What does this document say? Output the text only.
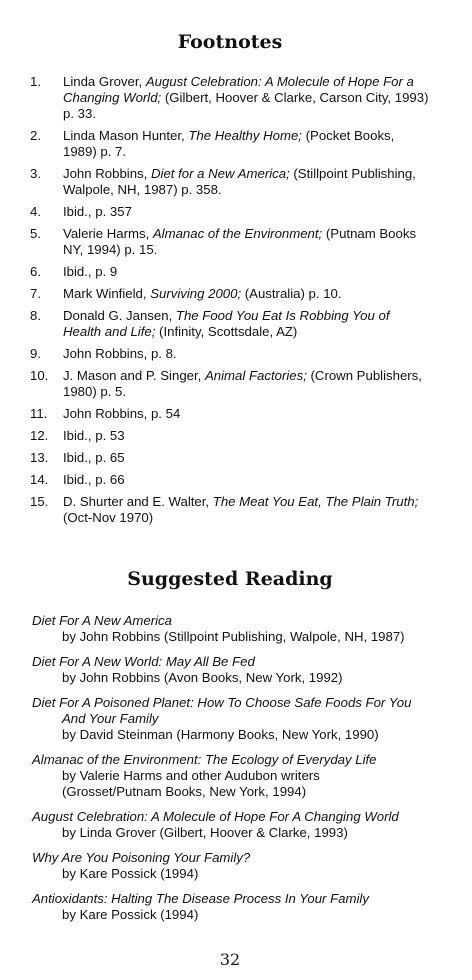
Footnotes
1.	Linda Grover, August Celebration: A Molecule of Hope For a Changing World; (Gilbert, Hoover & Clarke, Carson City, 1993) p. 33.
2.	Linda Mason Hunter, The Healthy Home; (Pocket Books, 1989) p. 7.
3.	John Robbins, Diet for a New America; (Stillpoint Publishing, Walpole, NH, 1987) p. 358.
4.	Ibid., p. 357
5.	Valerie Harms, Almanac of the Environment; (Putnam Books NY, 1994) p. 15.
6.	Ibid., p. 9
7.	Mark Winfield, Surviving 2000; (Australia) p. 10.
8.	Donald G. Jansen, The Food You Eat Is Robbing You of Health and Life; (Infinity, Scottsdale, AZ)
9.	John Robbins, p. 8.
10.	J. Mason and P. Singer, Animal Factories; (Crown Publishers, 1980) p. 5.
11.	John Robbins, p. 54
12.	Ibid., p. 53
13.	Ibid., p. 65
14.	Ibid., p. 66
15.	D. Shurter and E. Walter, The Meat You Eat, The Plain Truth; (Oct-Nov 1970)
Suggested Reading
Diet For A New America
by John Robbins (Stillpoint Publishing, Walpole, NH, 1987)
Diet For A New World: May All Be Fed
by John Robbins (Avon Books, New York, 1992)
Diet For A Poisoned Planet: How To Choose Safe Foods For You
And Your Family
by David Steinman (Harmony Books, New York, 1990)
Almanac of the Environment: The Ecology of Everyday Life
by Valerie Harms and other Audubon writers
(Grosset/Putnam Books, New York, 1994)
August Celebration: A Molecule of Hope For A Changing World
by Linda Grover (Gilbert, Hoover & Clarke, 1993)
Why Are You Poisoning Your Family?
by Kare Possick (1994)
Antioxidants: Halting The Disease Process In Your Family
by Kare Possick (1994)
32
